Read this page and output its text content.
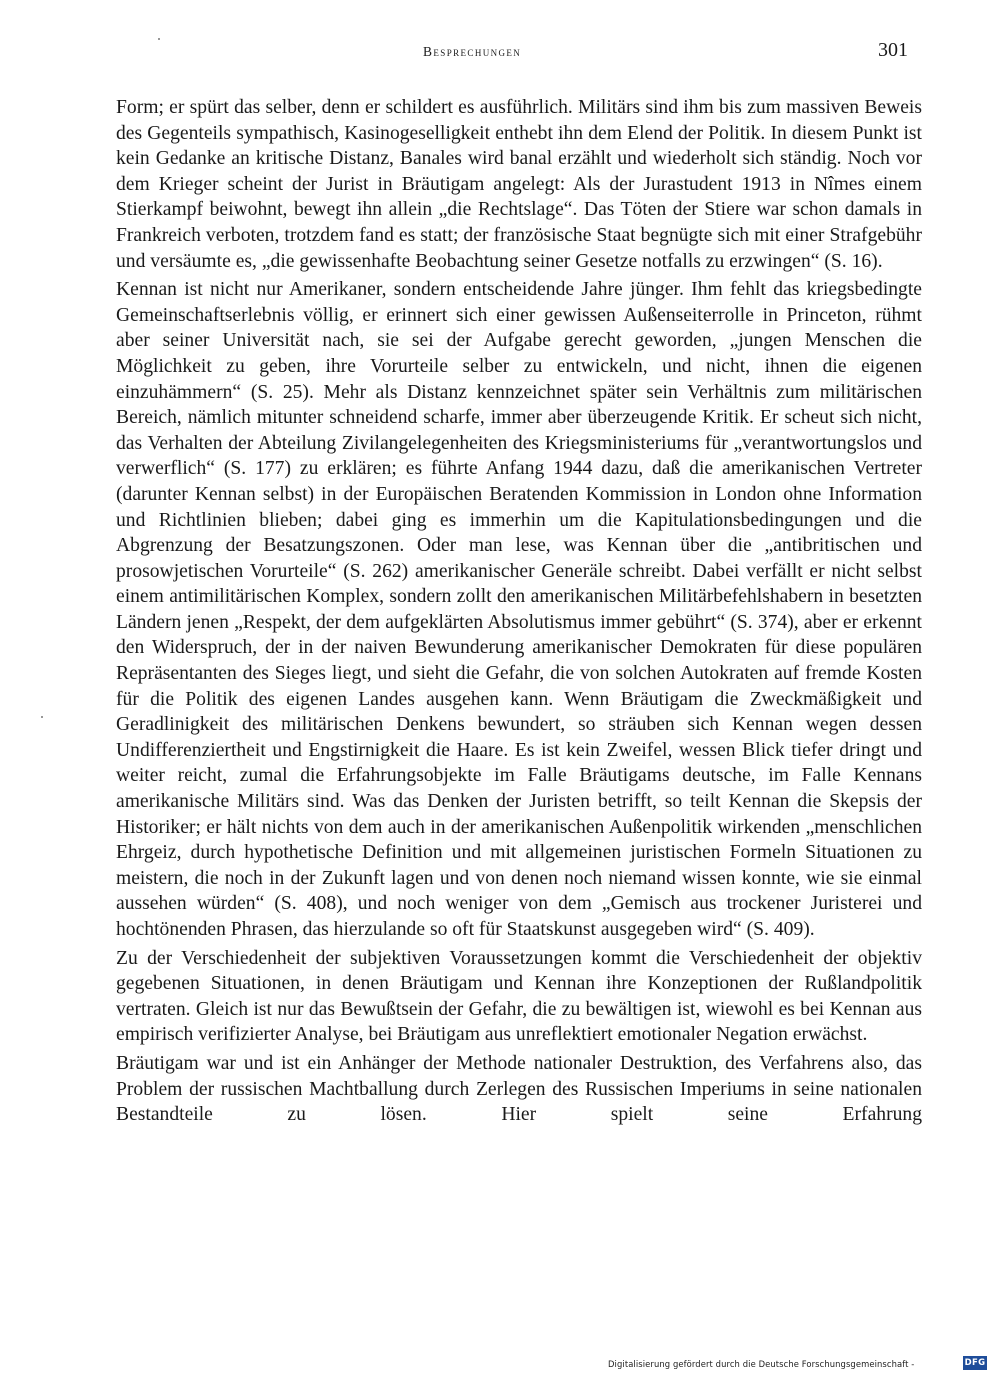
Besprechungen	301

Form; er spürt das selber, denn er schildert es ausführlich. Militärs sind ihm bis zum massiven Beweis des Gegenteils sympathisch, Kasinogeselligkeit enthebt ihn dem Elend der Politik. In diesem Punkt ist kein Gedanke an kritische Distanz, Banales wird banal erzählt und wiederholt sich ständig. Noch vor dem Krieger scheint der Jurist in Bräutigam angelegt: Als der Jurastudent 1913 in Nîmes einem Stierkampf beiwohnt, bewegt ihn allein „die Rechtslage“. Das Töten der Stiere war schon damals in Frankreich verboten, trotzdem fand es statt; der französische Staat begnügte sich mit einer Strafgebühr und versäumte es, „die gewissenhafte Beobachtung seiner Gesetze notfalls zu erzwingen“ (S. 16).

Kennan ist nicht nur Amerikaner, sondern entscheidende Jahre jünger. Ihm fehlt das kriegsbedingte Gemeinschaftserlebnis völlig, er erinnert sich einer gewissen Außenseiterrolle in Princeton, rühmt aber seiner Universität nach, sie sei der Aufgabe gerecht geworden, „jungen Menschen die Möglichkeit zu geben, ihre Vorurteile selber zu entwickeln, und nicht, ihnen die eigenen einzuhämmern“ (S. 25). Mehr als Distanz kennzeichnet später sein Verhältnis zum militärischen Bereich, nämlich mitunter schneidend scharfe, immer aber überzeugende Kritik. Er scheut sich nicht, das Verhalten der Abteilung Zivilangelegenheiten des Kriegsministeriums für „verantwortungslos und verwerflich“ (S. 177) zu erklären; es führte Anfang 1944 dazu, daß die amerikanischen Vertreter (darunter Kennan selbst) in der Europäischen Beratenden Kommission in London ohne Information und Richtlinien blieben; dabei ging es immerhin um die Kapitulationsbedingungen und die Abgrenzung der Besatzungszonen. Oder man lese, was Kennan über die „antibritischen und prosowjetischen Vorurteile“ (S. 262) amerikanischer Generäle schreibt. Dabei verfällt er nicht selbst einem antimilitärischen Komplex, sondern zollt den amerikanischen Militärbefehlshabern in besetzten Ländern jenen „Respekt, der dem aufgeklärten Absolutismus immer gebührt“ (S. 374), aber er erkennt den Widerspruch, der in der naiven Bewunderung amerikanischer Demokraten für diese populären Repräsentanten des Sieges liegt, und sieht die Gefahr, die von solchen Autokraten auf fremde Kosten für die Politik des eigenen Landes ausgehen kann. Wenn Bräutigam die Zweckmäßigkeit und Geradlinigkeit des militärischen Denkens bewundert, so sträuben sich Kennan wegen dessen Undifferenziertheit und Engstirnigkeit die Haare. Es ist kein Zweifel, wessen Blick tiefer dringt und weiter reicht, zumal die Erfahrungsobjekte im Falle Bräutigams deutsche, im Falle Kennans amerikanische Militärs sind. Was das Denken der Juristen betrifft, so teilt Kennan die Skepsis der Historiker; er hält nichts von dem auch in der amerikanischen Außenpolitik wirkenden „menschlichen Ehrgeiz, durch hypothetische Definition und mit allgemeinen juristischen Formeln Situationen zu meistern, die noch in der Zukunft lagen und von denen noch niemand wissen konnte, wie sie einmal aussehen würden“ (S. 408), und noch weniger von dem „Gemisch aus trockener Juristerei und hochtönenden Phrasen, das hierzulande so oft für Staatskunst ausgegeben wird“ (S. 409).

Zu der Verschiedenheit der subjektiven Voraussetzungen kommt die Verschiedenheit der objektiv gegebenen Situationen, in denen Bräutigam und Kennan ihre Konzeptionen der Rußlandpolitik vertraten. Gleich ist nur das Bewußtsein der Gefahr, die zu bewältigen ist, wiewohl es bei Kennan aus empirisch verifizierter Analyse, bei Bräutigam aus unreflektiert emotionaler Negation erwächst.

Bräutigam war und ist ein Anhänger der Methode nationaler Destruktion, des Verfahrens also, das Problem der russischen Machtballung durch Zerlegen des Russischen Imperiums in seine nationalen Bestandteile zu lösen. Hier spielt seine Erfahrung

Digitalisierung gefördert durch die Deutsche Forschungsgemeinschaft -	DFG
